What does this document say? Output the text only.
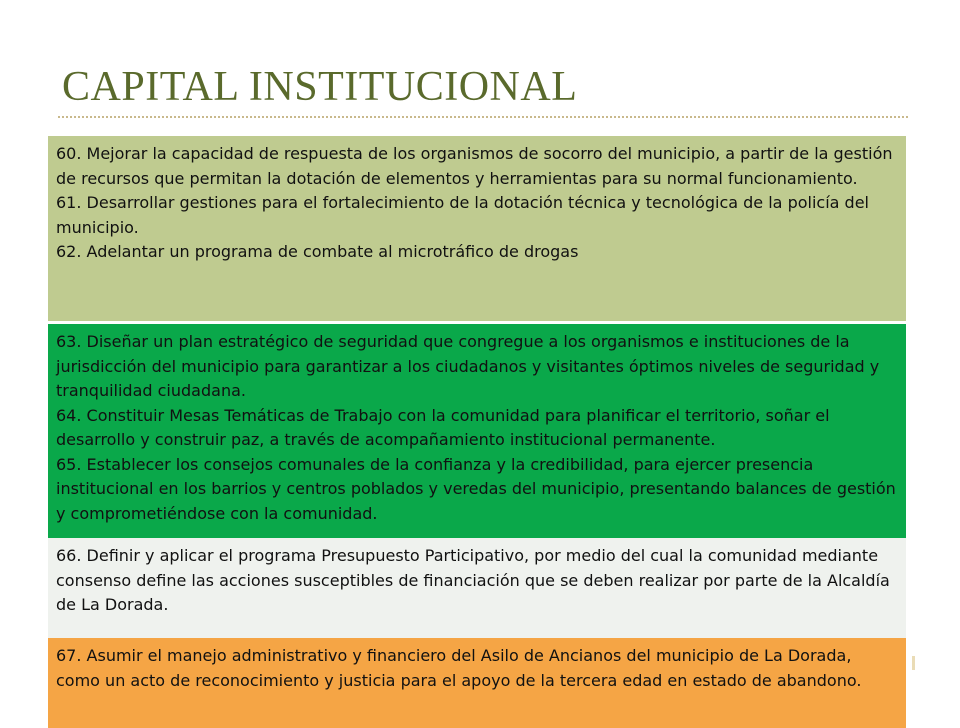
CAPITAL INSTITUCIONAL

60. Mejorar la capacidad de respuesta de los organismos de socorro del municipio, a partir de la gestión de recursos que permitan la dotación de elementos y herramientas para su normal funcionamiento.

61. Desarrollar gestiones para el fortalecimiento de la dotación técnica y tecnológica de la policía del municipio.

62. Adelantar un programa de combate al microtráfico de drogas

63. Diseñar un plan estratégico de seguridad que congregue a los organismos e instituciones de la jurisdicción del municipio para garantizar a los ciudadanos y visitantes óptimos niveles de seguridad y tranquilidad ciudadana.

64. Constituir Mesas Temáticas de Trabajo con la comunidad para planificar el territorio, soñar el desarrollo y construir paz, a través de acompañamiento institucional permanente.

65. Establecer los consejos comunales de la confianza y la credibilidad, para ejercer presencia institucional en los barrios y centros poblados y veredas del municipio, presentando balances de gestión y comprometiéndose con la comunidad.

66. Definir y aplicar el programa Presupuesto Participativo, por medio del cual la comunidad mediante consenso define las acciones susceptibles de financiación que se deben realizar por parte de la Alcaldía de La Dorada.

67. Asumir el manejo administrativo y financiero del Asilo de Ancianos del municipio de La Dorada, como un acto de reconocimiento y justicia para el apoyo de la tercera edad en estado de abandono.
